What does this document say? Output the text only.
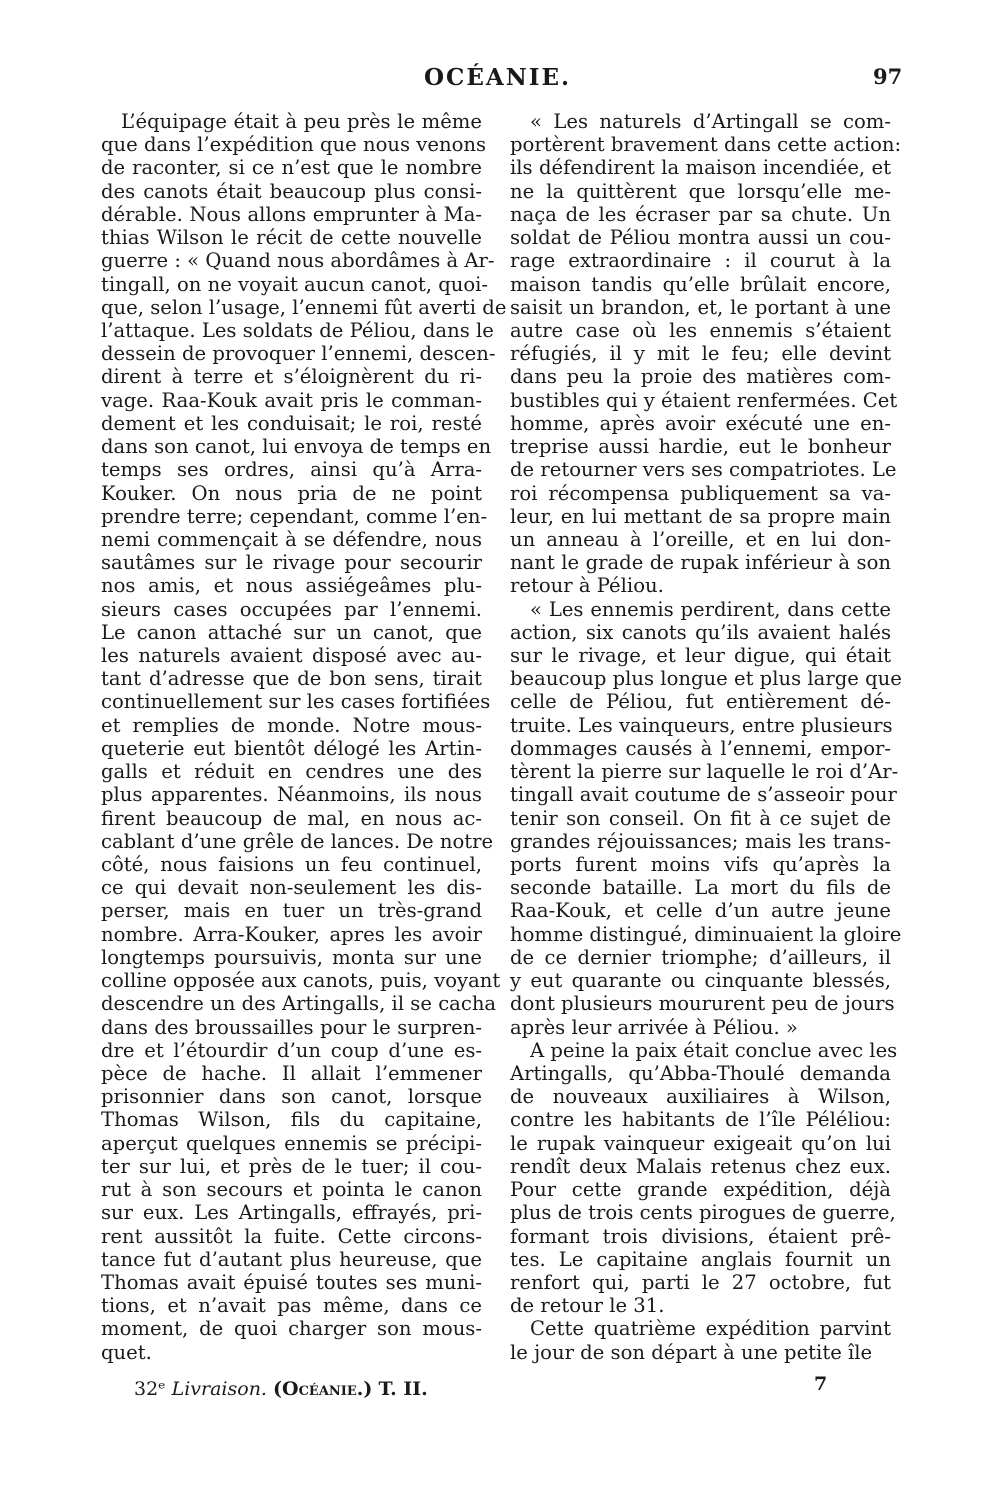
OCÉANIE.	97
L’équipage était à peu près le même
que dans l’expédition que nous venons
de raconter, si ce n’est que le nombre
des canots était beaucoup plus consi-
dérable. Nous allons emprunter à Ma-
thias Wilson le récit de cette nouvelle
guerre : « Quand nous abordâmes à Ar-
tingall, on ne voyait aucun canot, quoi-
que, selon l’usage, l’ennemi fût averti de
l’attaque. Les soldats de Péliou, dans le
dessein de provoquer l’ennemi, descen-
dirent à terre et s’éloignèrent du ri-
vage. Raa-Kouk avait pris le comman-
dement et les conduisait; le roi, resté
dans son canot, lui envoya de temps en
temps ses ordres, ainsi qu’à Arra-
Kouker. On nous pria de ne point
prendre terre; cependant, comme l’en-
nemi commençait à se défendre, nous
sautâmes sur le rivage pour secourir
nos amis, et nous assiégeâmes plu-
sieurs cases occupées par l’ennemi.
Le canon attaché sur un canot, que
les naturels avaient disposé avec au-
tant d’adresse que de bon sens, tirait
continuellement sur les cases fortifiées
et remplies de monde. Notre mous-
queterie eut bientôt délogé les Artin-
galls et réduit en cendres une des
plus apparentes. Néanmoins, ils nous
firent beaucoup de mal, en nous ac-
cablant d’une grêle de lances. De notre
côté, nous faisions un feu continuel,
ce qui devait non-seulement les dis-
perser, mais en tuer un très-grand
nombre. Arra-Kouker, apres les avoir
longtemps poursuivis, monta sur une
colline opposée aux canots, puis, voyant
descendre un des Artingalls, il se cacha
dans des broussailles pour le surpren-
dre et l’étourdir d’un coup d’une es-
pèce de hache. Il allait l’emmener
prisonnier dans son canot, lorsque
Thomas Wilson, fils du capitaine,
aperçut quelques ennemis se précipi-
ter sur lui, et près de le tuer; il cou-
rut à son secours et pointa le canon
sur eux. Les Artingalls, effrayés, pri-
rent aussitôt la fuite. Cette circons-
tance fut d’autant plus heureuse, que
Thomas avait épuisé toutes ses muni-
tions, et n’avait pas même, dans ce
moment, de quoi charger son mous-
quet.
« Les naturels d’Artingall se com-
portèrent bravement dans cette action:
ils défendirent la maison incendiée, et
ne la quittèrent que lorsqu’elle me-
naça de les écraser par sa chute. Un
soldat de Péliou montra aussi un cou-
rage extraordinaire : il courut à la
maison tandis qu’elle brûlait encore,
saisit un brandon, et, le portant à une
autre case où les ennemis s’étaient
réfugiés, il y mit le feu; elle devint
dans peu la proie des matières com-
bustibles qui y étaient renfermées. Cet
homme, après avoir exécuté une en-
treprise aussi hardie, eut le bonheur
de retourner vers ses compatriotes. Le
roi récompensa publiquement sa va-
leur, en lui mettant de sa propre main
un anneau à l’oreille, et en lui don-
nant le grade de rupak inférieur à son
retour à Péliou.
« Les ennemis perdirent, dans cette
action, six canots qu’ils avaient halés
sur le rivage, et leur digue, qui était
beaucoup plus longue et plus large que
celle de Péliou, fut entièrement dé-
truite. Les vainqueurs, entre plusieurs
dommages causés à l’ennemi, empor-
tèrent la pierre sur laquelle le roi d’Ar-
tingall avait coutume de s’asseoir pour
tenir son conseil. On fit à ce sujet de
grandes réjouissances; mais les trans-
ports furent moins vifs qu’après la
seconde bataille. La mort du fils de
Raa-Kouk, et celle d’un autre jeune
homme distingué, diminuaient la gloire
de ce dernier triomphe; d’ailleurs, il
y eut quarante ou cinquante blessés,
dont plusieurs moururent peu de jours
après leur arrivée à Péliou. »
A peine la paix était conclue avec les
Artingalls, qu’Abba-Thoulé demanda
de nouveaux auxiliaires à Wilson,
contre les habitants de l’île Péléliou:
le rupak vainqueur exigeait qu’on lui
rendît deux Malais retenus chez eux.
Pour cette grande expédition, déjà
plus de trois cents pirogues de guerre,
formant trois divisions, étaient prê-
tes. Le capitaine anglais fournit un
renfort qui, parti le 27 octobre, fut
de retour le 31.
Cette quatrième expédition parvint
le jour de son départ à une petite île
32ᵉ Livraison. (Océanie.) T. II.	7
